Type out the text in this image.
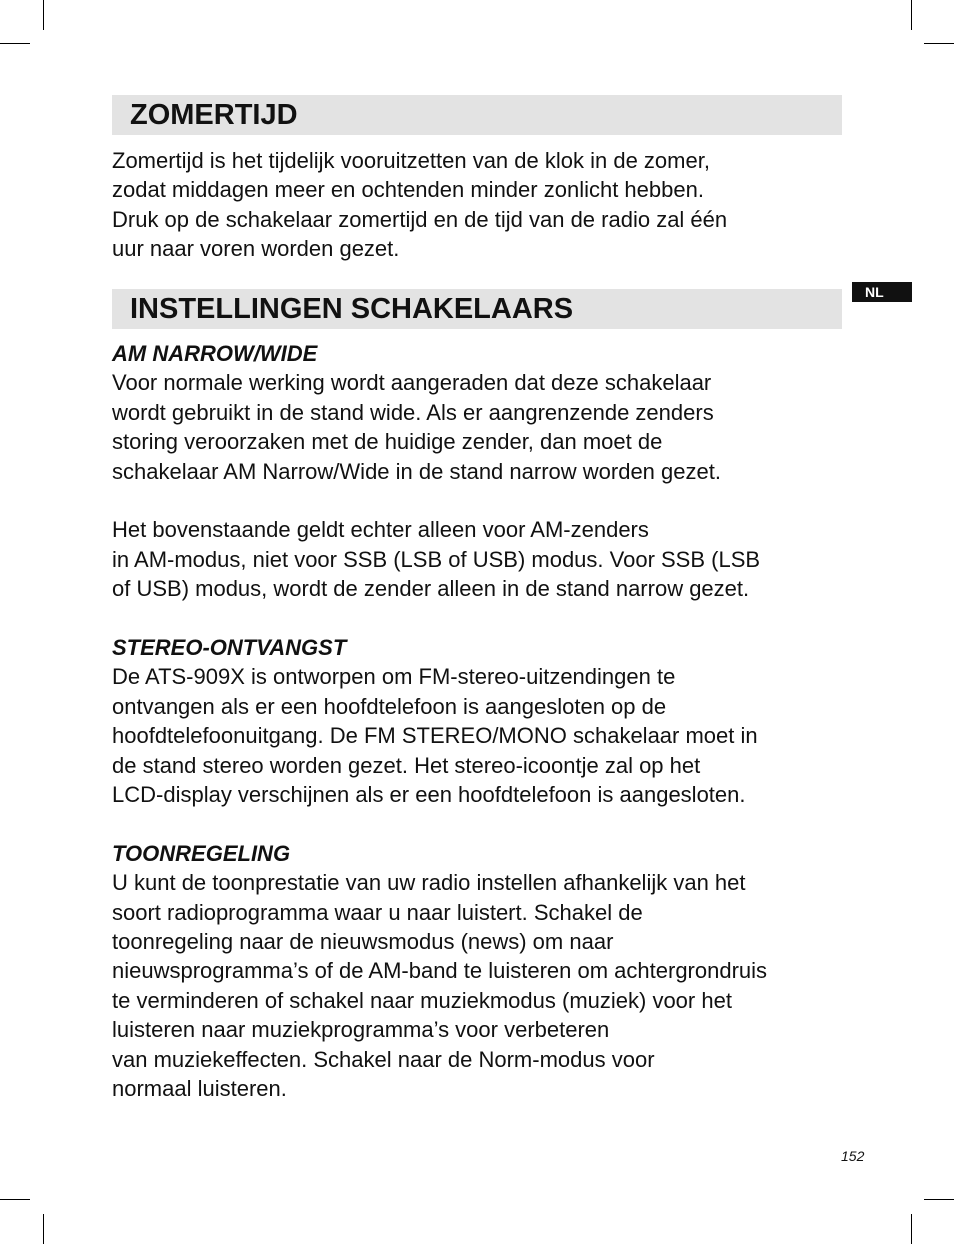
ZOMERTIJD
Zomertijd is het tijdelijk vooruitzetten van de klok in de zomer,
zodat middagen meer en ochtenden minder zonlicht hebben.
Druk op de schakelaar zomertijd en de tijd van de radio zal één
uur naar voren worden gezet.
INSTELLINGEN SCHAKELAARS
AM NARROW/WIDE
Voor normale werking wordt aangeraden dat deze schakelaar
wordt gebruikt in de stand wide. Als er aangrenzende zenders
storing veroorzaken met de huidige zender, dan moet de
schakelaar AM Narrow/Wide in de stand narrow worden gezet.
Het bovenstaande geldt echter alleen voor AM-zenders
in AM-modus, niet voor SSB (LSB of USB) modus. Voor SSB (LSB
of USB) modus, wordt de zender alleen in de stand narrow gezet.
STEREO-ONTVANGST
De ATS-909X is ontworpen om FM-stereo-uitzendingen te
ontvangen als er een hoofdtelefoon is aangesloten op de
hoofdtelefoonuitgang. De FM STEREO/MONO schakelaar moet in
de stand stereo worden gezet. Het stereo-icoontje zal op het
LCD-display verschijnen als er een hoofdtelefoon is aangesloten.
TOONREGELING
U kunt de toonprestatie van uw radio instellen afhankelijk van het
soort radioprogramma waar u naar luistert. Schakel de
toonregeling naar de nieuwsmodus (news) om naar
nieuwsprogramma’s of de AM-band te luisteren om achtergrondruis
te verminderen of schakel naar muziekmodus (muziek) voor het
luisteren naar muziekprogramma’s voor verbeteren
van muziekeffecten. Schakel naar de Norm-modus voor
normaal luisteren.
NL
152
